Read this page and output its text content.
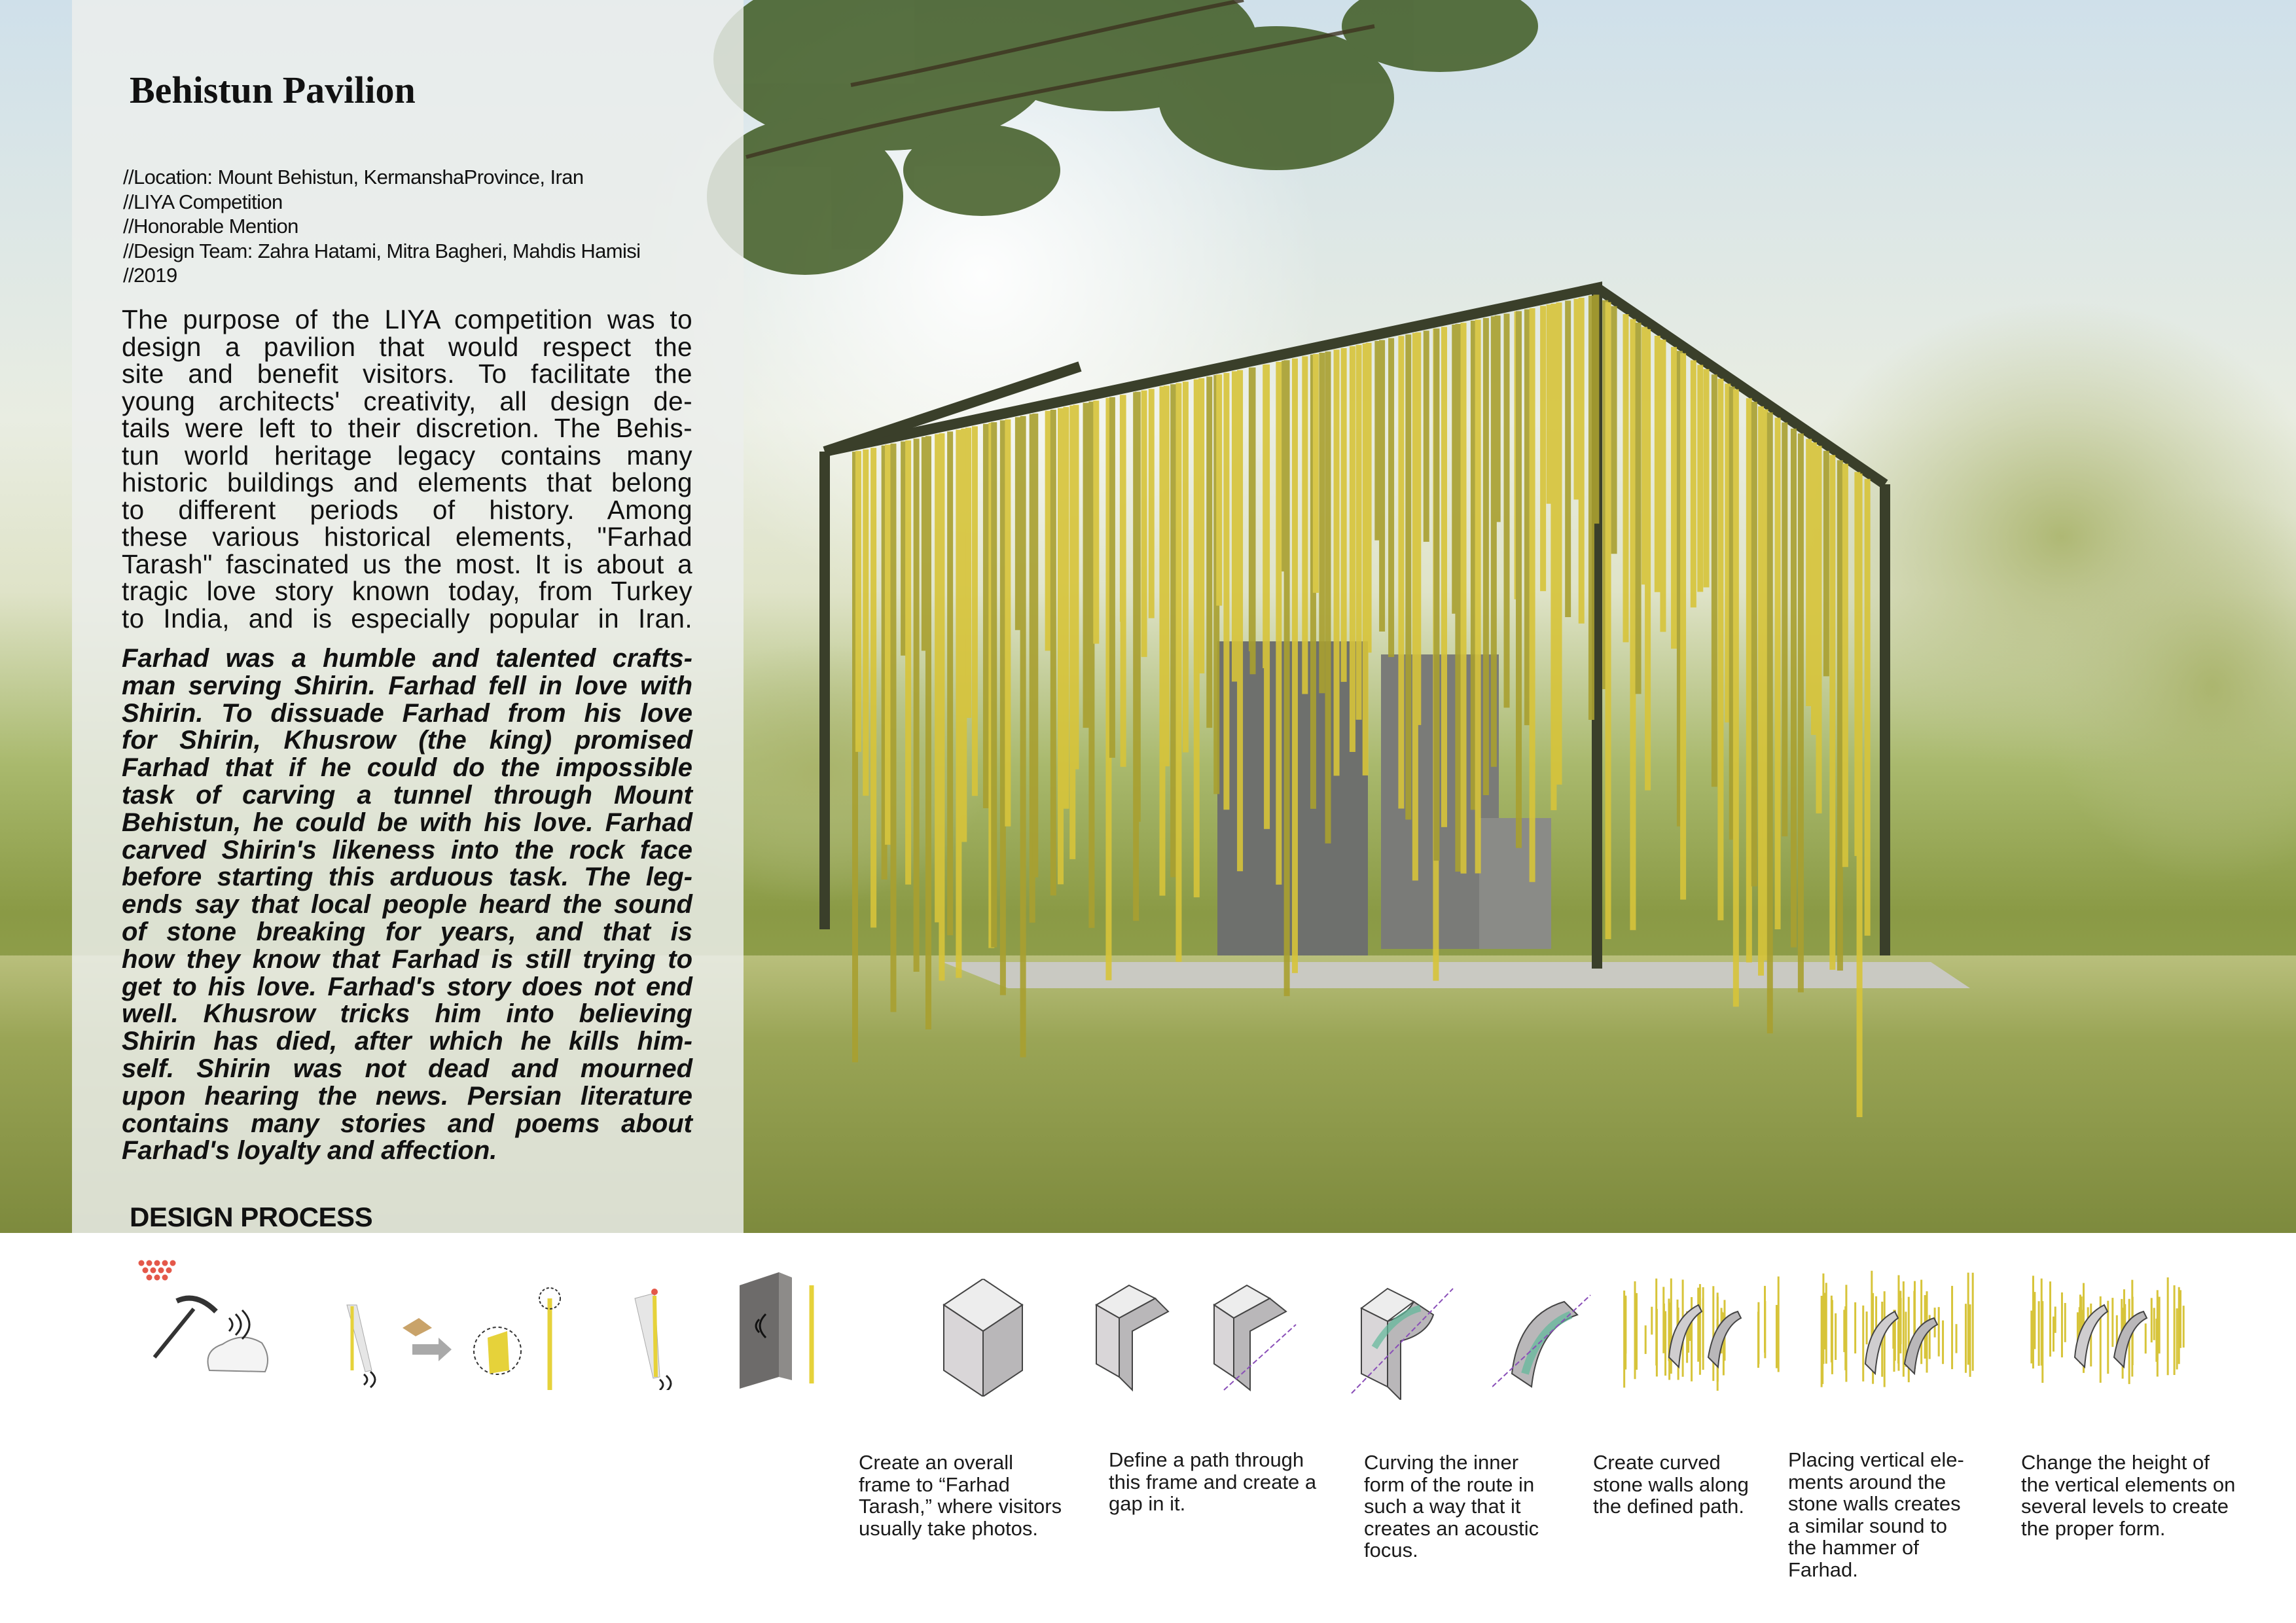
Behistun Pavilion
//Location: Mount Behistun, KermanshaProvince, Iran
//LIYA Competition
//Honorable Mention
//Design Team: Zahra Hatami, Mitra Bagheri, Mahdis Hamisi
//2019

The purpose of the LIYA competition was to
design a pavilion that would respect the
site and benefit visitors. To facilitate the
young architects' creativity, all design de-
tails were left to their discretion. The Behis-
tun world heritage legacy contains many
historic buildings and elements that belong
to different periods of history. Among
these various historical elements, "Farhad
Tarash" fascinated us the most. It is about a
tragic love story known today, from Turkey
to India, and is especially popular in Iran.

Farhad was a humble and talented crafts-
man serving Shirin. Farhad fell in love with
Shirin. To dissuade Farhad from his love
for Shirin, Khusrow (the king) promised
Farhad that if he could do the impossible
task of carving a tunnel through Mount
Behistun, he could be with his love. Farhad
carved Shirin's likeness into the rock face
before starting this arduous task. The leg-
ends say that local people heard the sound
of stone breaking for years, and that is
how they know that Farhad is still trying to
get to his love. Farhad's story does not end
well. Khusrow tricks him into believing
Shirin has died, after which he kills him-
self. Shirin was not dead and mourned
upon hearing the news. Persian literature
contains many stories and poems about
Farhad's loyalty and affection.

DESIGN PROCESS

Create an overall
frame to “Farhad
Tarash,” where visitors
usually take photos.

Define a path through
this frame and create a
gap in it.

Curving the inner
form of the route in
such a way that it
creates an acoustic
focus.

Create curved
stone walls along
the defined path.

Placing vertical ele-
ments around the
stone walls creates
a similar sound to
the hammer of
Farhad.

Change the height of
the vertical elements on
several levels to create
the proper form.
